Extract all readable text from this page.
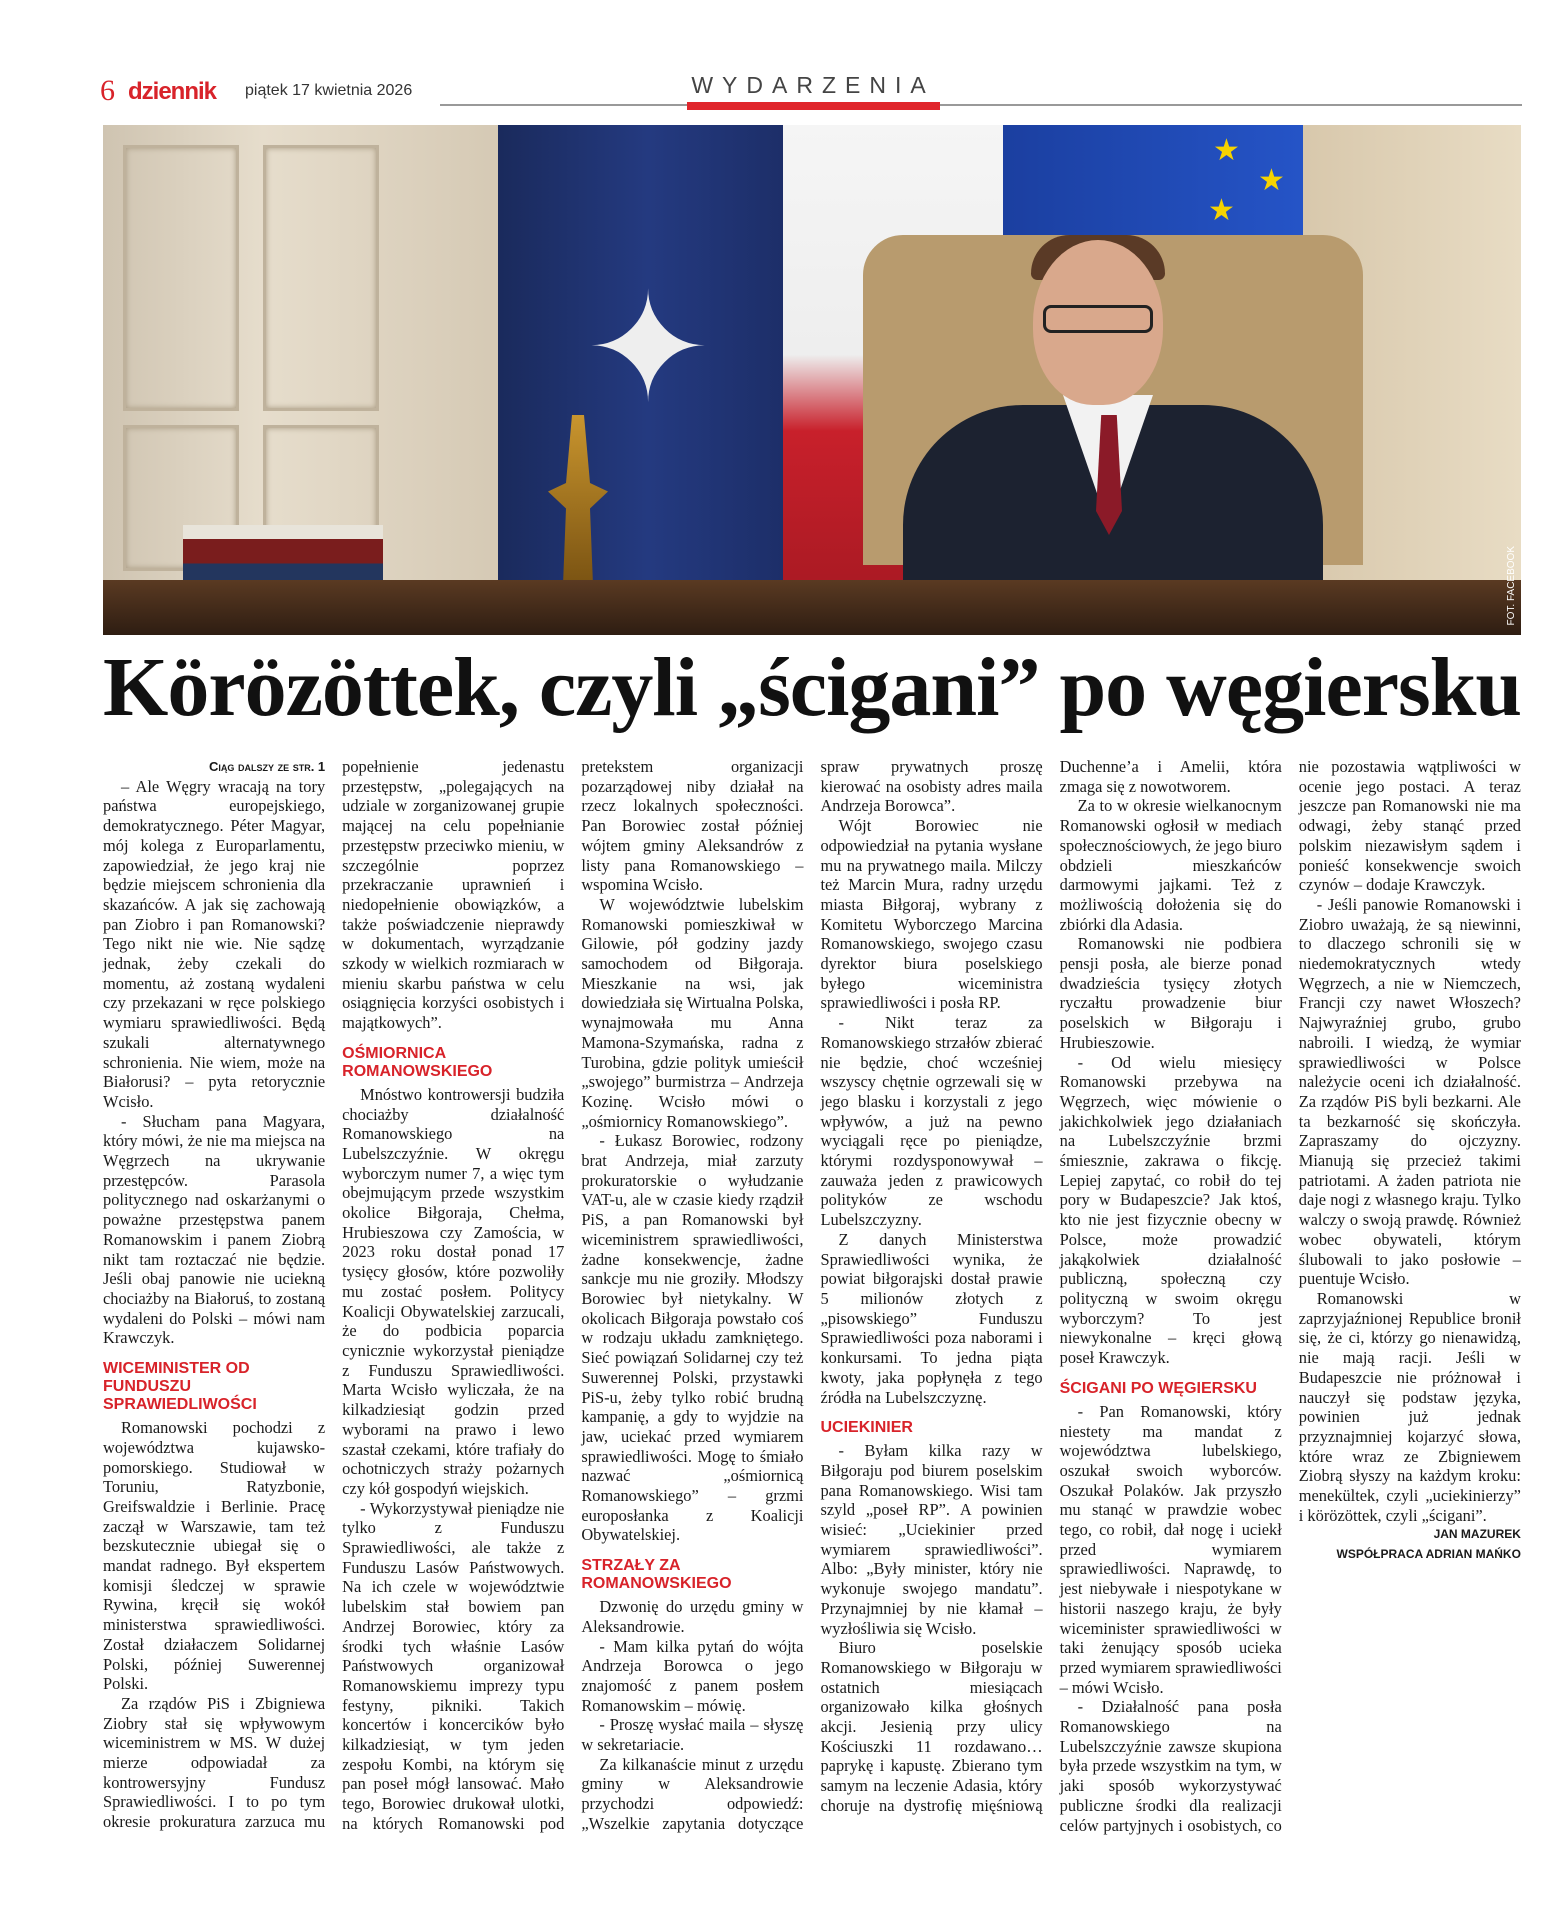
6 dziennik piątek 17 kwietnia 2026	WYDARZENIA
✦
★
★
★
FOT. FACEBOOK
Körözöttek, czyli „ścigani” po węgiersku

Ciąg dalszy ze str. 1

– Ale Węgry wracają na tory państwa europejskiego, demokratycznego. Péter Magyar, mój kolega z Europarlamentu, zapowiedział, że jego kraj nie będzie miejscem schronienia dla skazańców. A jak się zachowają pan Ziobro i pan Romanowski? Tego nikt nie wie. Nie sądzę jednak, żeby czekali do momentu, aż zostaną wydaleni czy przekazani w ręce polskiego wymiaru sprawiedliwości. Będą szukali alternatywnego schronienia. Nie wiem, może na Białorusi? – pyta retorycznie Wcisło.

- Słucham pana Magyara, który mówi, że nie ma miejsca na Węgrzech na ukrywanie przestępców. Parasola politycznego nad oskarżanymi o poważne przestępstwa panem Romanowskim i panem Ziobrą nikt tam roztaczać nie będzie. Jeśli obaj panowie nie uciekną chociażby na Białoruś, to zostaną wydaleni do Polski – mówi nam Krawczyk.

WICEMINISTER OD FUNDUSZU SPRAWIEDLIWOŚCI

Romanowski pochodzi z województwa kujawsko-pomorskiego. Studiował w Toruniu, Ratyzbonie, Greifswaldzie i Berlinie. Pracę zaczął w Warszawie, tam też bezskutecznie ubiegał się o mandat radnego. Był ekspertem komisji śledczej w sprawie Rywina, kręcił się wokół ministerstwa sprawiedliwości. Został działaczem Solidarnej Polski, później Suwerennej Polski.

Za rządów PiS i Zbigniewa Ziobry stał się wpływowym wiceministrem w MS. W dużej mierze odpowiadał za kontrowersyjny Fundusz Sprawiedliwości. I to po tym okresie prokuratura zarzuca mu popełnienie jedenastu przestępstw, „polegających na udziale w zorganizowanej grupie mającej na celu popełnianie przestępstw przeciwko mieniu, w szczególnie poprzez przekraczanie uprawnień i niedopełnienie obowiązków, a także poświadczenie nieprawdy w dokumentach, wyrządzanie szkody w wielkich rozmiarach w mieniu skarbu państwa w celu osiągnięcia korzyści osobistych i majątkowych”.

OŚMIORNICA ROMANOWSKIEGO

Mnóstwo kontrowersji budziła chociażby działalność Romanowskiego na Lubelszczyźnie. W okręgu wyborczym numer 7, a więc tym obejmującym przede wszystkim okolice Biłgoraja, Chełma, Hrubieszowa czy Zamościa, w 2023 roku dostał ponad 17 tysięcy głosów, które pozwoliły mu zostać posłem. Politycy Koalicji Obywatelskiej zarzucali, że do podbicia poparcia cynicznie wykorzystał pieniądze z Funduszu Sprawiedliwości. Marta Wcisło wyliczała, że na kilkadziesiąt godzin przed wyborami na prawo i lewo szastał czekami, które trafiały do ochotniczych straży pożarnych czy kół gospodyń wiejskich.

- Wykorzystywał pieniądze nie tylko z Funduszu Sprawiedliwości, ale także z Funduszu Lasów Państwowych. Na ich czele w województwie lubelskim stał bowiem pan Andrzej Borowiec, który za środki tych właśnie Lasów Państwowych organizował Romanowskiemu imprezy typu festyny, pikniki. Takich koncertów i koncercików było kilkadziesiąt, w tym jeden zespołu Kombi, na którym się pan poseł mógł lansować. Mało tego, Borowiec drukował ulotki, na których Romanowski pod pretekstem organizacji pozarządowej niby działał na rzecz lokalnych społeczności. Pan Borowiec został później wójtem gminy Aleksandrów z listy pana Romanowskiego – wspomina Wcisło.

W województwie lubelskim Romanowski pomieszkiwał w Gilowie, pół godziny jazdy samochodem od Biłgoraja. Mieszkanie na wsi, jak dowiedziała się Wirtualna Polska, wynajmowała mu Anna Mamona-Szymańska, radna z Turobina, gdzie polityk umieścił „swojego” burmistrza – Andrzeja Kozinę. Wcisło mówi o „ośmiornicy Romanowskiego”.

- Łukasz Borowiec, rodzony brat Andrzeja, miał zarzuty prokuratorskie o wyłudzanie VAT-u, ale w czasie kiedy rządził PiS, a pan Romanowski był wiceministrem sprawiedliwości, żadne konsekwencje, żadne sankcje mu nie groziły. Młodszy Borowiec był nietykalny. W okolicach Biłgoraja powstało coś w rodzaju układu zamkniętego. Sieć powiązań Solidarnej czy też Suwerennej Polski, przystawki PiS-u, żeby tylko robić brudną kampanię, a gdy to wyjdzie na jaw, uciekać przed wymiarem sprawiedliwości. Mogę to śmiało nazwać „ośmiornicą Romanowskiego” – grzmi europosłanka z Koalicji Obywatelskiej.

STRZAŁY ZA ROMANOWSKIEGO

Dzwonię do urzędu gminy w Aleksandrowie.

- Mam kilka pytań do wójta Andrzeja Borowca o jego znajomość z panem posłem Romanowskim – mówię.

- Proszę wysłać maila – słyszę w sekretariacie.

Za kilkanaście minut z urzędu gminy w Aleksandrowie przychodzi odpowiedź: „Wszelkie zapytania dotyczące spraw prywatnych proszę kierować na osobisty adres maila Andrzeja Borowca”.

Wójt Borowiec nie odpowiedział na pytania wysłane mu na prywatnego maila. Milczy też Marcin Mura, radny urzędu miasta Biłgoraj, wybrany z Komitetu Wyborczego Marcina Romanowskiego, swojego czasu dyrektor biura poselskiego byłego wiceministra sprawiedliwości i posła RP.

- Nikt teraz za Romanowskiego strzałów zbierać nie będzie, choć wcześniej wszyscy chętnie ogrzewali się w jego blasku i korzystali z jego wpływów, a już na pewno wyciągali ręce po pieniądze, którymi rozdysponowywał – zauważa jeden z prawicowych polityków ze wschodu Lubelszczyzny.

Z danych Ministerstwa Sprawiedliwości wynika, że powiat biłgorajski dostał prawie 5 milionów złotych z „pisowskiego” Funduszu Sprawiedliwości poza naborami i konkursami. To jedna piąta kwoty, jaka popłynęła z tego źródła na Lubelszczyznę.

UCIEKINIER

- Byłam kilka razy w Biłgoraju pod biurem poselskim pana Romanowskiego. Wisi tam szyld „poseł RP”. A powinien wisieć: „Uciekinier przed wymiarem sprawiedliwości”. Albo: „Były minister, który nie wykonuje swojego mandatu”. Przynajmniej by nie kłamał – wyzłośliwia się Wcisło.

Biuro poselskie Romanowskiego w Biłgoraju w ostatnich miesiącach organizowało kilka głośnych akcji. Jesienią przy ulicy Kościuszki 11 rozdawano… paprykę i kapustę. Zbierano tym samym na leczenie Adasia, który choruje na dystrofię mięśniową Duchenne’a i Amelii, która zmaga się z nowotworem.

Za to w okresie wielkanocnym Romanowski ogłosił w mediach społecznościowych, że jego biuro obdzieli mieszkańców darmowymi jajkami. Też z możliwością dołożenia się do zbiórki dla Adasia.

Romanowski nie podbiera pensji posła, ale bierze ponad dwadzieścia tysięcy złotych ryczałtu prowadzenie biur poselskich w Biłgoraju i Hrubieszowie.

- Od wielu miesięcy Romanowski przebywa na Węgrzech, więc mówienie o jakichkolwiek jego działaniach na Lubelszczyźnie brzmi śmiesznie, zakrawa o fikcję. Lepiej zapytać, co robił do tej pory w Budapeszcie? Jak ktoś, kto nie jest fizycznie obecny w Polsce, może prowadzić jakąkolwiek działalność publiczną, społeczną czy polityczną w swoim okręgu wyborczym? To jest niewykonalne – kręci głową poseł Krawczyk.

ŚCIGANI PO WĘGIERSKU

- Pan Romanowski, który niestety ma mandat z województwa lubelskiego, oszukał swoich wyborców. Oszukał Polaków. Jak przyszło mu stanąć w prawdzie wobec tego, co robił, dał nogę i uciekł przed wymiarem sprawiedliwości. Naprawdę, to jest niebywałe i niespotykane w historii naszego kraju, że były wiceminister sprawiedliwości w taki żenujący sposób ucieka przed wymiarem sprawiedliwości – mówi Wcisło.

- Działalność pana posła Romanowskiego na Lubelszczyźnie zawsze skupiona była przede wszystkim na tym, w jaki sposób wykorzystywać publiczne środki dla realizacji celów partyjnych i osobistych, co nie pozostawia wątpliwości w ocenie jego postaci. A teraz jeszcze pan Romanowski nie ma odwagi, żeby stanąć przed polskim niezawisłym sądem i ponieść konsekwencje swoich czynów – dodaje Krawczyk.

- Jeśli panowie Romanowski i Ziobro uważają, że są niewinni, to dlaczego schronili się w niedemokratycznych wtedy Węgrzech, a nie w Niemczech, Francji czy nawet Włoszech? Najwyraźniej grubo, grubo nabroili. I wiedzą, że wymiar sprawiedliwości w Polsce należycie oceni ich działalność. Za rządów PiS byli bezkarni. Ale ta bezkarność się skończyła. Zapraszamy do ojczyzny. Mianują się przecież takimi patriotami. A żaden patriota nie daje nogi z własnego kraju. Tylko walczy o swoją prawdę. Również wobec obywateli, którym ślubowali to jako posłowie – puentuje Wcisło.

Romanowski w zaprzyjaźnionej Republice bronił się, że ci, którzy go nienawidzą, nie mają racji. Jeśli w Budapeszcie nie próżnował i nauczył się podstaw języka, powinien już jednak przyznajmniej kojarzyć słowa, które wraz ze Zbigniewem Ziobrą słyszy na każdym kroku: menekültek, czyli „uciekinierzy” i körözöttek, czyli „ścigani”.

JAN MAZUREK

WSPÓŁPRACA ADRIAN MAŃKO
